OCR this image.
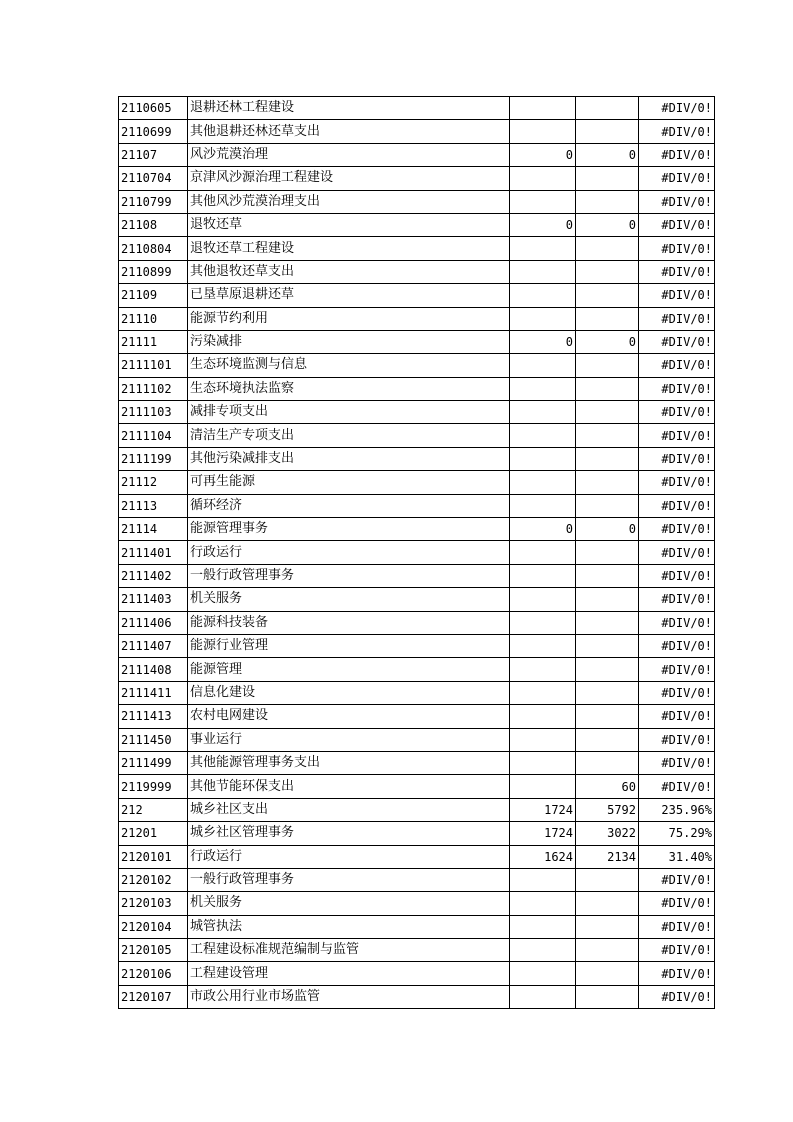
2110605	退耕还林工程建设			#DIV/0!
2110699	其他退耕还林还草支出			#DIV/0!
21107	风沙荒漠治理	0	0	#DIV/0!
2110704	京津风沙源治理工程建设			#DIV/0!
2110799	其他风沙荒漠治理支出			#DIV/0!
21108	退牧还草	0	0	#DIV/0!
2110804	退牧还草工程建设			#DIV/0!
2110899	其他退牧还草支出			#DIV/0!
21109	已垦草原退耕还草			#DIV/0!
21110	能源节约利用			#DIV/0!
21111	污染减排	0	0	#DIV/0!
2111101	生态环境监测与信息			#DIV/0!
2111102	生态环境执法监察			#DIV/0!
2111103	减排专项支出			#DIV/0!
2111104	清洁生产专项支出			#DIV/0!
2111199	其他污染减排支出			#DIV/0!
21112	可再生能源			#DIV/0!
21113	循环经济			#DIV/0!
21114	能源管理事务	0	0	#DIV/0!
2111401	行政运行			#DIV/0!
2111402	一般行政管理事务			#DIV/0!
2111403	机关服务			#DIV/0!
2111406	能源科技装备			#DIV/0!
2111407	能源行业管理			#DIV/0!
2111408	能源管理			#DIV/0!
2111411	信息化建设			#DIV/0!
2111413	农村电网建设			#DIV/0!
2111450	事业运行			#DIV/0!
2111499	其他能源管理事务支出			#DIV/0!
2119999	其他节能环保支出		60	#DIV/0!
212	城乡社区支出	1724	5792	235.96%
21201	城乡社区管理事务	1724	3022	75.29%
2120101	行政运行	1624	2134	31.40%
2120102	一般行政管理事务			#DIV/0!
2120103	机关服务			#DIV/0!
2120104	城管执法			#DIV/0!
2120105	工程建设标准规范编制与监管			#DIV/0!
2120106	工程建设管理			#DIV/0!
2120107	市政公用行业市场监管			#DIV/0!
